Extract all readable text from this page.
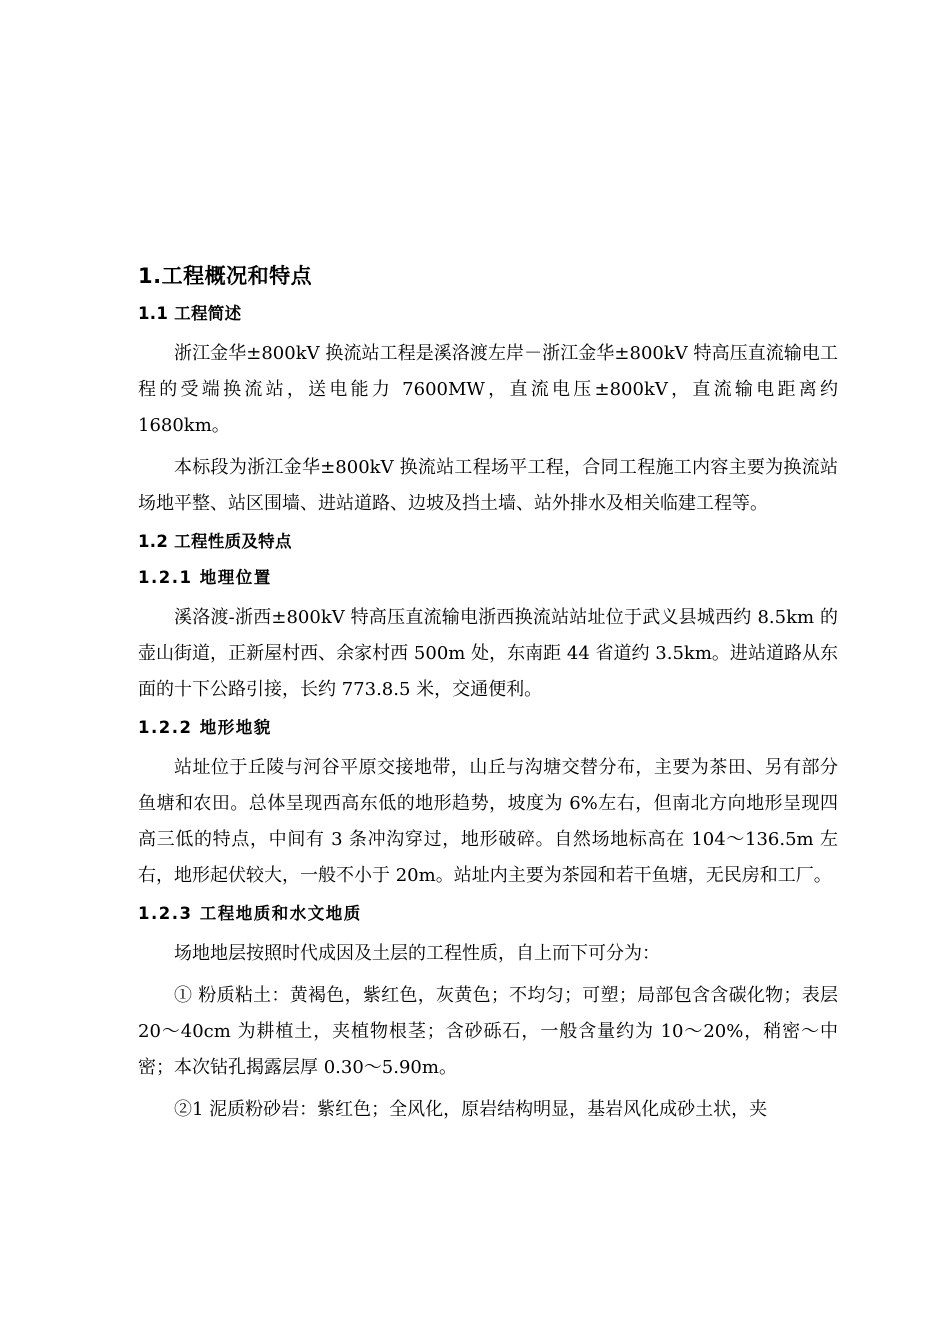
1.工程概况和特点
1.1 工程简述

浙江金华±800kV 换流站工程是溪洛渡左岸－浙江金华±800kV 特高压直流输电工程的受端换流站，送电能力 7600MW，直流电压±800kV，直流输电距离约 1680km。

本标段为浙江金华±800kV 换流站工程场平工程，合同工程施工内容主要为换流站场地平整、站区围墙、进站道路、边坡及挡土墙、站外排水及相关临建工程等。

1.2 工程性质及特点
1.2.1 地理位置

溪洛渡-浙西±800kV 特高压直流输电浙西换流站站址位于武义县城西约 8.5km 的壶山街道，正新屋村西、余家村西 500m 处，东南距 44 省道约 3.5km。进站道路从东面的十下公路引接，长约 773.8.5 米，交通便利。

1.2.2 地形地貌

站址位于丘陵与河谷平原交接地带，山丘与沟塘交替分布，主要为茶田、另有部分鱼塘和农田。总体呈现西高东低的地形趋势，坡度为 6%左右，但南北方向地形呈现四高三低的特点，中间有 3 条冲沟穿过，地形破碎。自然场地标高在 104～136.5m 左右，地形起伏较大，一般不小于 20m。站址内主要为茶园和若干鱼塘，无民房和工厂。

1.2.3 工程地质和水文地质

场地地层按照时代成因及土层的工程性质，自上而下可分为：

① 粉质粘土：黄褐色，紫红色，灰黄色；不均匀；可塑；局部包含含碳化物；表层 20～40cm 为耕植土，夹植物根茎；含砂砾石，一般含量约为 10～20%，稍密～中密；本次钻孔揭露层厚 0.30～5.90m。

②1 泥质粉砂岩：紫红色；全风化，原岩结构明显，基岩风化成砂土状，夹
